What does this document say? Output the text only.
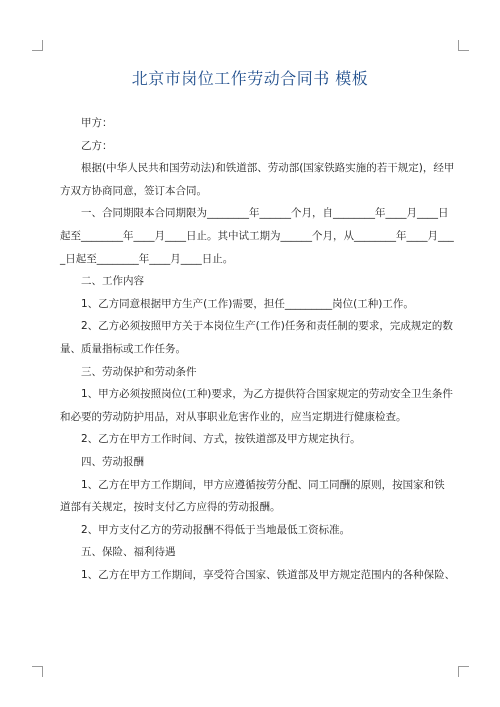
北京市岗位工作劳动合同书 模板

甲方：

乙方：

根据(中华人民共和国劳动法)和铁道部、劳动部(国家铁路实施的若干规定)，经甲

方双方协商同意，签订本合同。

一、合同期限本合同期限为________年______个月，自________年____月____日

起至________年____月____日止。其中试工期为______个月，从________年____月___

_日起至________年____月____日止。

二、工作内容

1、乙方同意根据甲方生产(工作)需要，担任_________岗位(工种)工作。

2、乙方必须按照甲方关于本岗位生产(工作)任务和责任制的要求，完成规定的数

量、质量指标或工作任务。

三、劳动保护和劳动条件

1、甲方必须按照岗位(工种)要求，为乙方提供符合国家规定的劳动安全卫生条件

和必要的劳动防护用品，对从事职业危害作业的，应当定期进行健康检查。

2、乙方在甲方工作时间、方式，按铁道部及甲方规定执行。

四、劳动报酬

1、乙方在甲方工作期间，甲方应遵循按劳分配、同工同酬的原则，按国家和铁

道部有关规定，按时支付乙方应得的劳动报酬。

2、甲方支付乙方的劳动报酬不得低于当地最低工资标准。

五、保险、福利待遇

1、乙方在甲方工作期间，享受符合国家、铁道部及甲方规定范围内的各种保险、
